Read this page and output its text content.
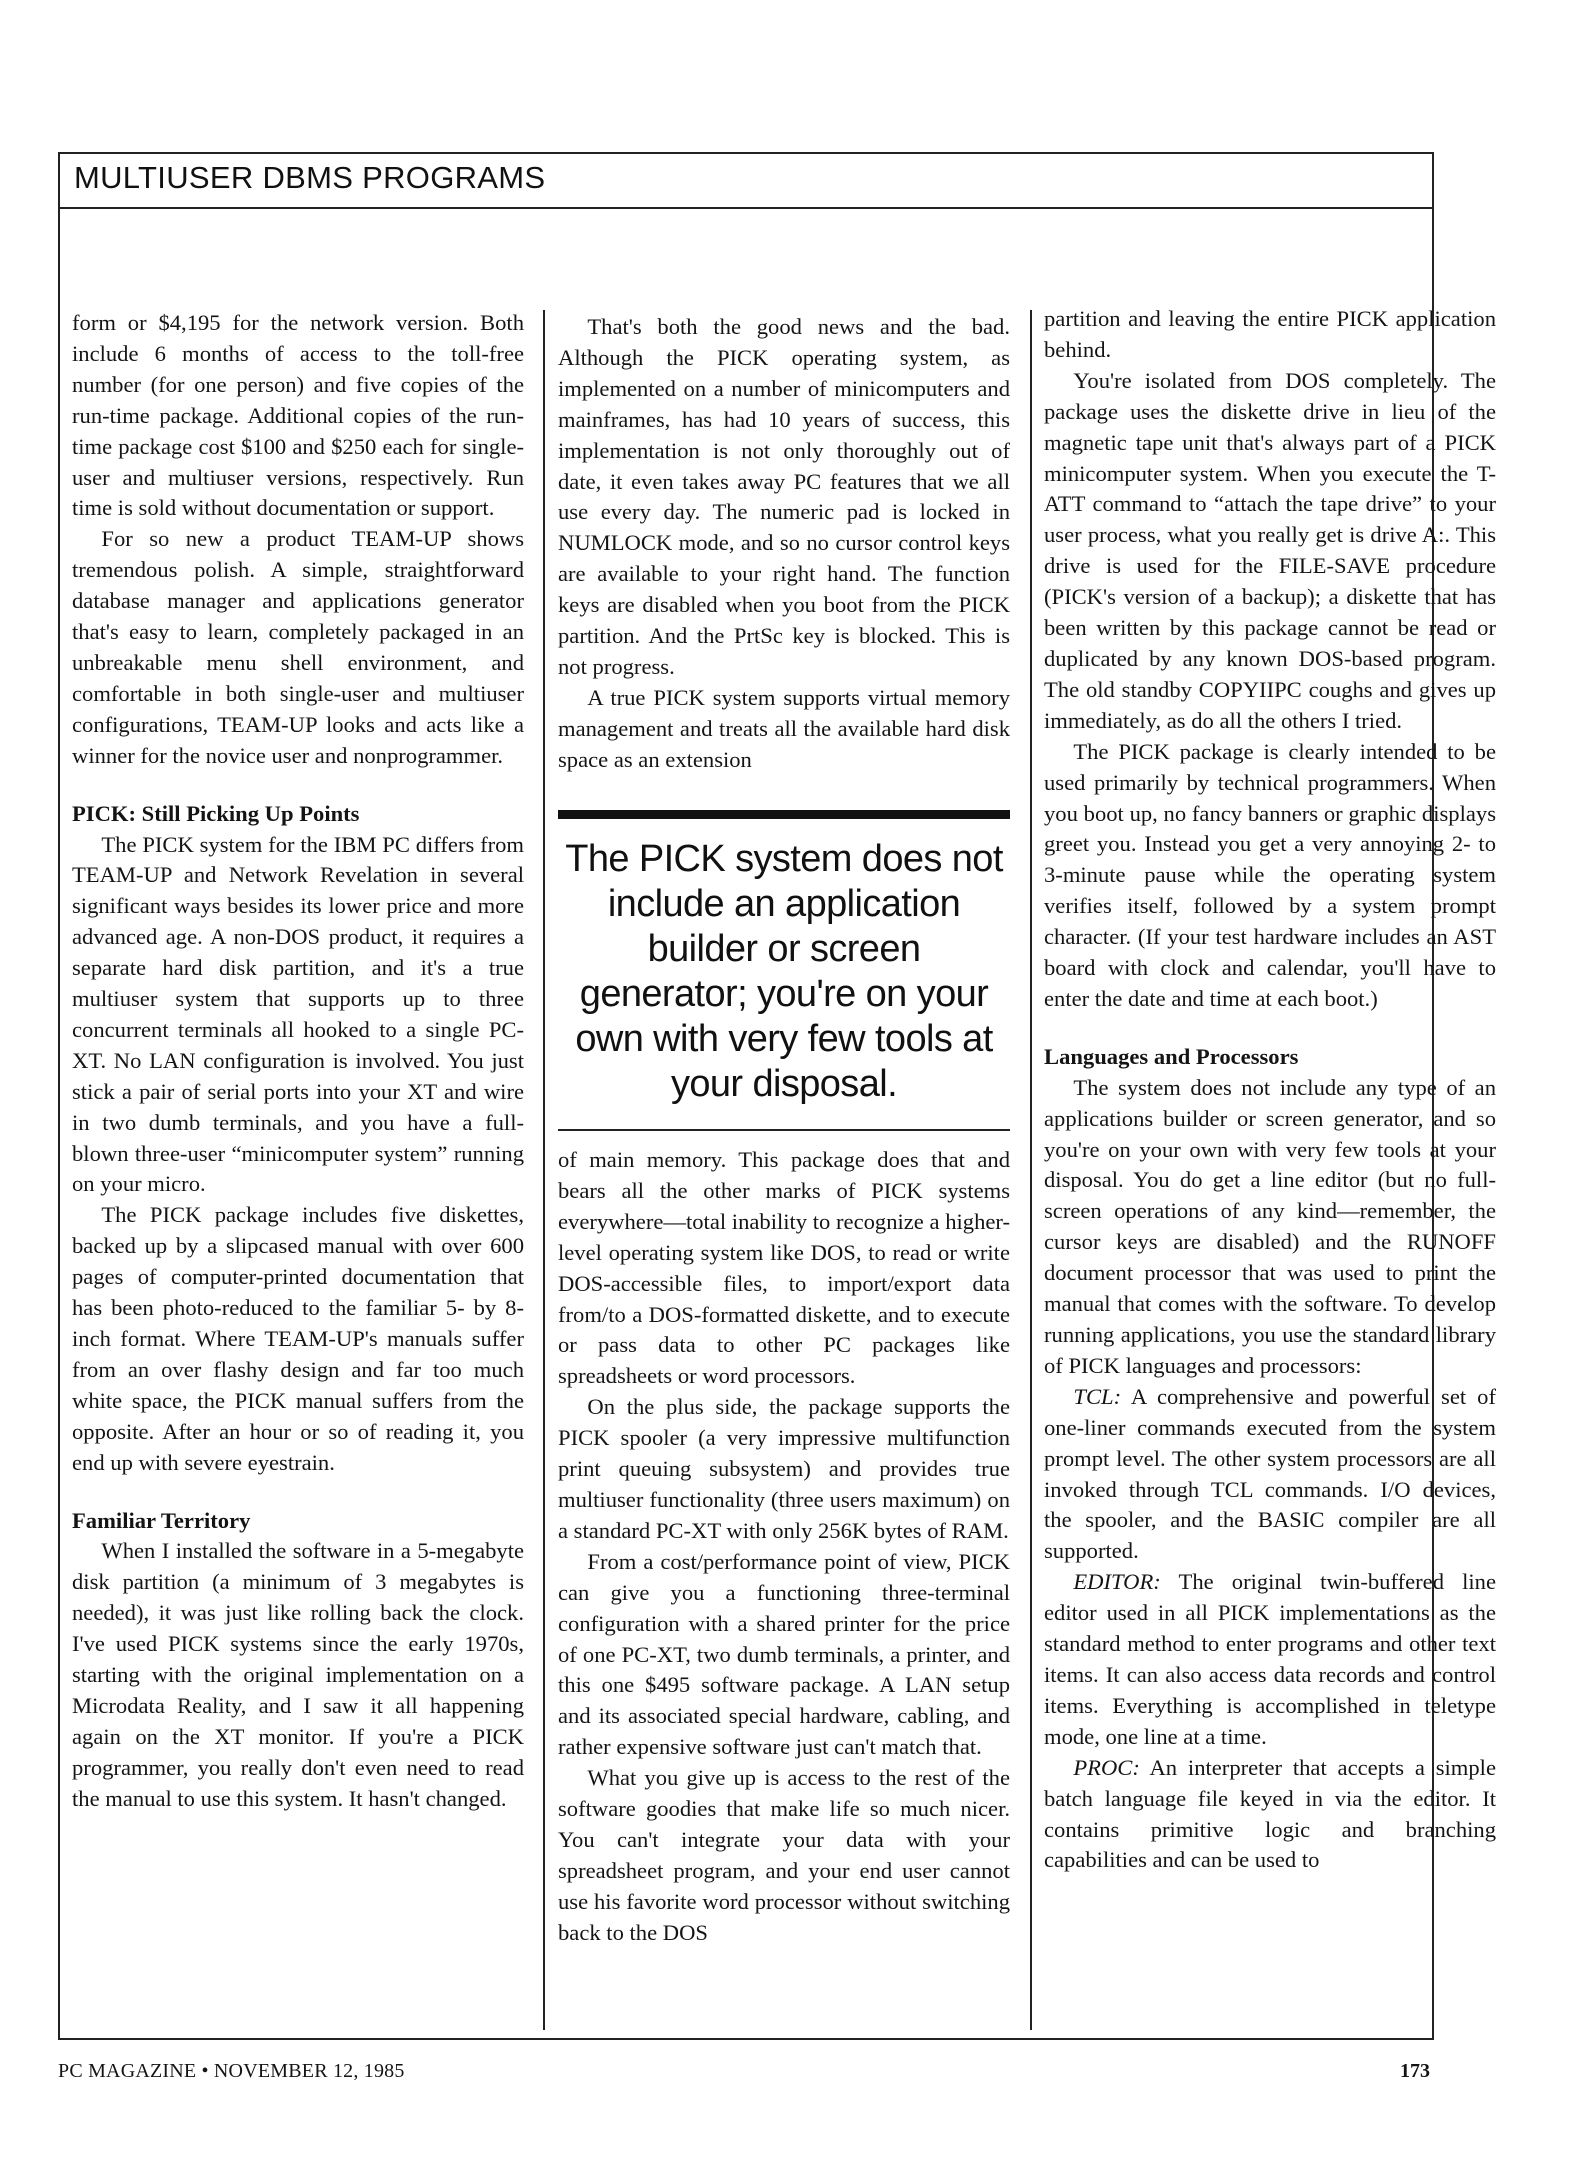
MULTIUSER DBMS PROGRAMS

form or $4,195 for the network version. Both include 6 months of access to the toll-free number (for one person) and five copies of the run-time package. Additional copies of the run-time package cost $100 and $250 each for single-user and multiuser versions, respectively. Run time is sold without documentation or support.

For so new a product TEAM-UP shows tremendous polish. A simple, straightforward database manager and applications generator that's easy to learn, completely packaged in an unbreakable menu shell environment, and comfortable in both single-user and multiuser configurations, TEAM-UP looks and acts like a winner for the novice user and nonprogrammer.

PICK: Still Picking Up Points

The PICK system for the IBM PC differs from TEAM-UP and Network Revelation in several significant ways besides its lower price and more advanced age. A non-DOS product, it requires a separate hard disk partition, and it's a true multiuser system that supports up to three concurrent terminals all hooked to a single PC-XT. No LAN configuration is involved. You just stick a pair of serial ports into your XT and wire in two dumb terminals, and you have a full-blown three-user “minicomputer system” running on your micro.

The PICK package includes five diskettes, backed up by a slipcased manual with over 600 pages of computer-printed documentation that has been photo-reduced to the familiar 5- by 8-inch format. Where TEAM-UP's manuals suffer from an over flashy design and far too much white space, the PICK manual suffers from the opposite. After an hour or so of reading it, you end up with severe eyestrain.

Familiar Territory

When I installed the software in a 5-megabyte disk partition (a minimum of 3 megabytes is needed), it was just like rolling back the clock. I've used PICK systems since the early 1970s, starting with the original implementation on a Microdata Reality, and I saw it all happening again on the XT monitor. If you're a PICK programmer, you really don't even need to read the manual to use this system. It hasn't changed.

That's both the good news and the bad. Although the PICK operating system, as implemented on a number of minicomputers and mainframes, has had 10 years of success, this implementation is not only thoroughly out of date, it even takes away PC features that we all use every day. The numeric pad is locked in NUMLOCK mode, and so no cursor control keys are available to your right hand. The function keys are disabled when you boot from the PICK partition. And the PrtSc key is blocked. This is not progress.

A true PICK system supports virtual memory management and treats all the available hard disk space as an extension

The PICK system does not include an application builder or screen generator; you're on your own with very few tools at your disposal.

of main memory. This package does that and bears all the other marks of PICK systems everywhere—total inability to recognize a higher-level operating system like DOS, to read or write DOS-accessible files, to import/export data from/to a DOS-formatted diskette, and to execute or pass data to other PC packages like spreadsheets or word processors.

On the plus side, the package supports the PICK spooler (a very impressive multifunction print queuing subsystem) and provides true multiuser functionality (three users maximum) on a standard PC-XT with only 256K bytes of RAM.

From a cost/performance point of view, PICK can give you a functioning three-terminal configuration with a shared printer for the price of one PC-XT, two dumb terminals, a printer, and this one $495 software package. A LAN setup and its associated special hardware, cabling, and rather expensive software just can't match that.

What you give up is access to the rest of the software goodies that make life so much nicer. You can't integrate your data with your spreadsheet program, and your end user cannot use his favorite word processor without switching back to the DOS

partition and leaving the entire PICK application behind.

You're isolated from DOS completely. The package uses the diskette drive in lieu of the magnetic tape unit that's always part of a PICK minicomputer system. When you execute the T-ATT command to “attach the tape drive” to your user process, what you really get is drive A:. This drive is used for the FILE-SAVE procedure (PICK's version of a backup); a diskette that has been written by this package cannot be read or duplicated by any known DOS-based program. The old standby COPYIIPC coughs and gives up immediately, as do all the others I tried.

The PICK package is clearly intended to be used primarily by technical programmers. When you boot up, no fancy banners or graphic displays greet you. Instead you get a very annoying 2- to 3-minute pause while the operating system verifies itself, followed by a system prompt character. (If your test hardware includes an AST board with clock and calendar, you'll have to enter the date and time at each boot.)

Languages and Processors

The system does not include any type of an applications builder or screen generator, and so you're on your own with very few tools at your disposal. You do get a line editor (but no full-screen operations of any kind—remember, the cursor keys are disabled) and the RUNOFF document processor that was used to print the manual that comes with the software. To develop running applications, you use the standard library of PICK languages and processors:

TCL: A comprehensive and powerful set of one-liner commands executed from the system prompt level. The other system processors are all invoked through TCL commands. I/O devices, the spooler, and the BASIC compiler are all supported.

EDITOR: The original twin-buffered line editor used in all PICK implementations as the standard method to enter programs and other text items. It can also access data records and control items. Everything is accomplished in teletype mode, one line at a time.

PROC: An interpreter that accepts a simple batch language file keyed in via the editor. It contains primitive logic and branching capabilities and can be used to

PC MAGAZINE • NOVEMBER 12, 1985	173
